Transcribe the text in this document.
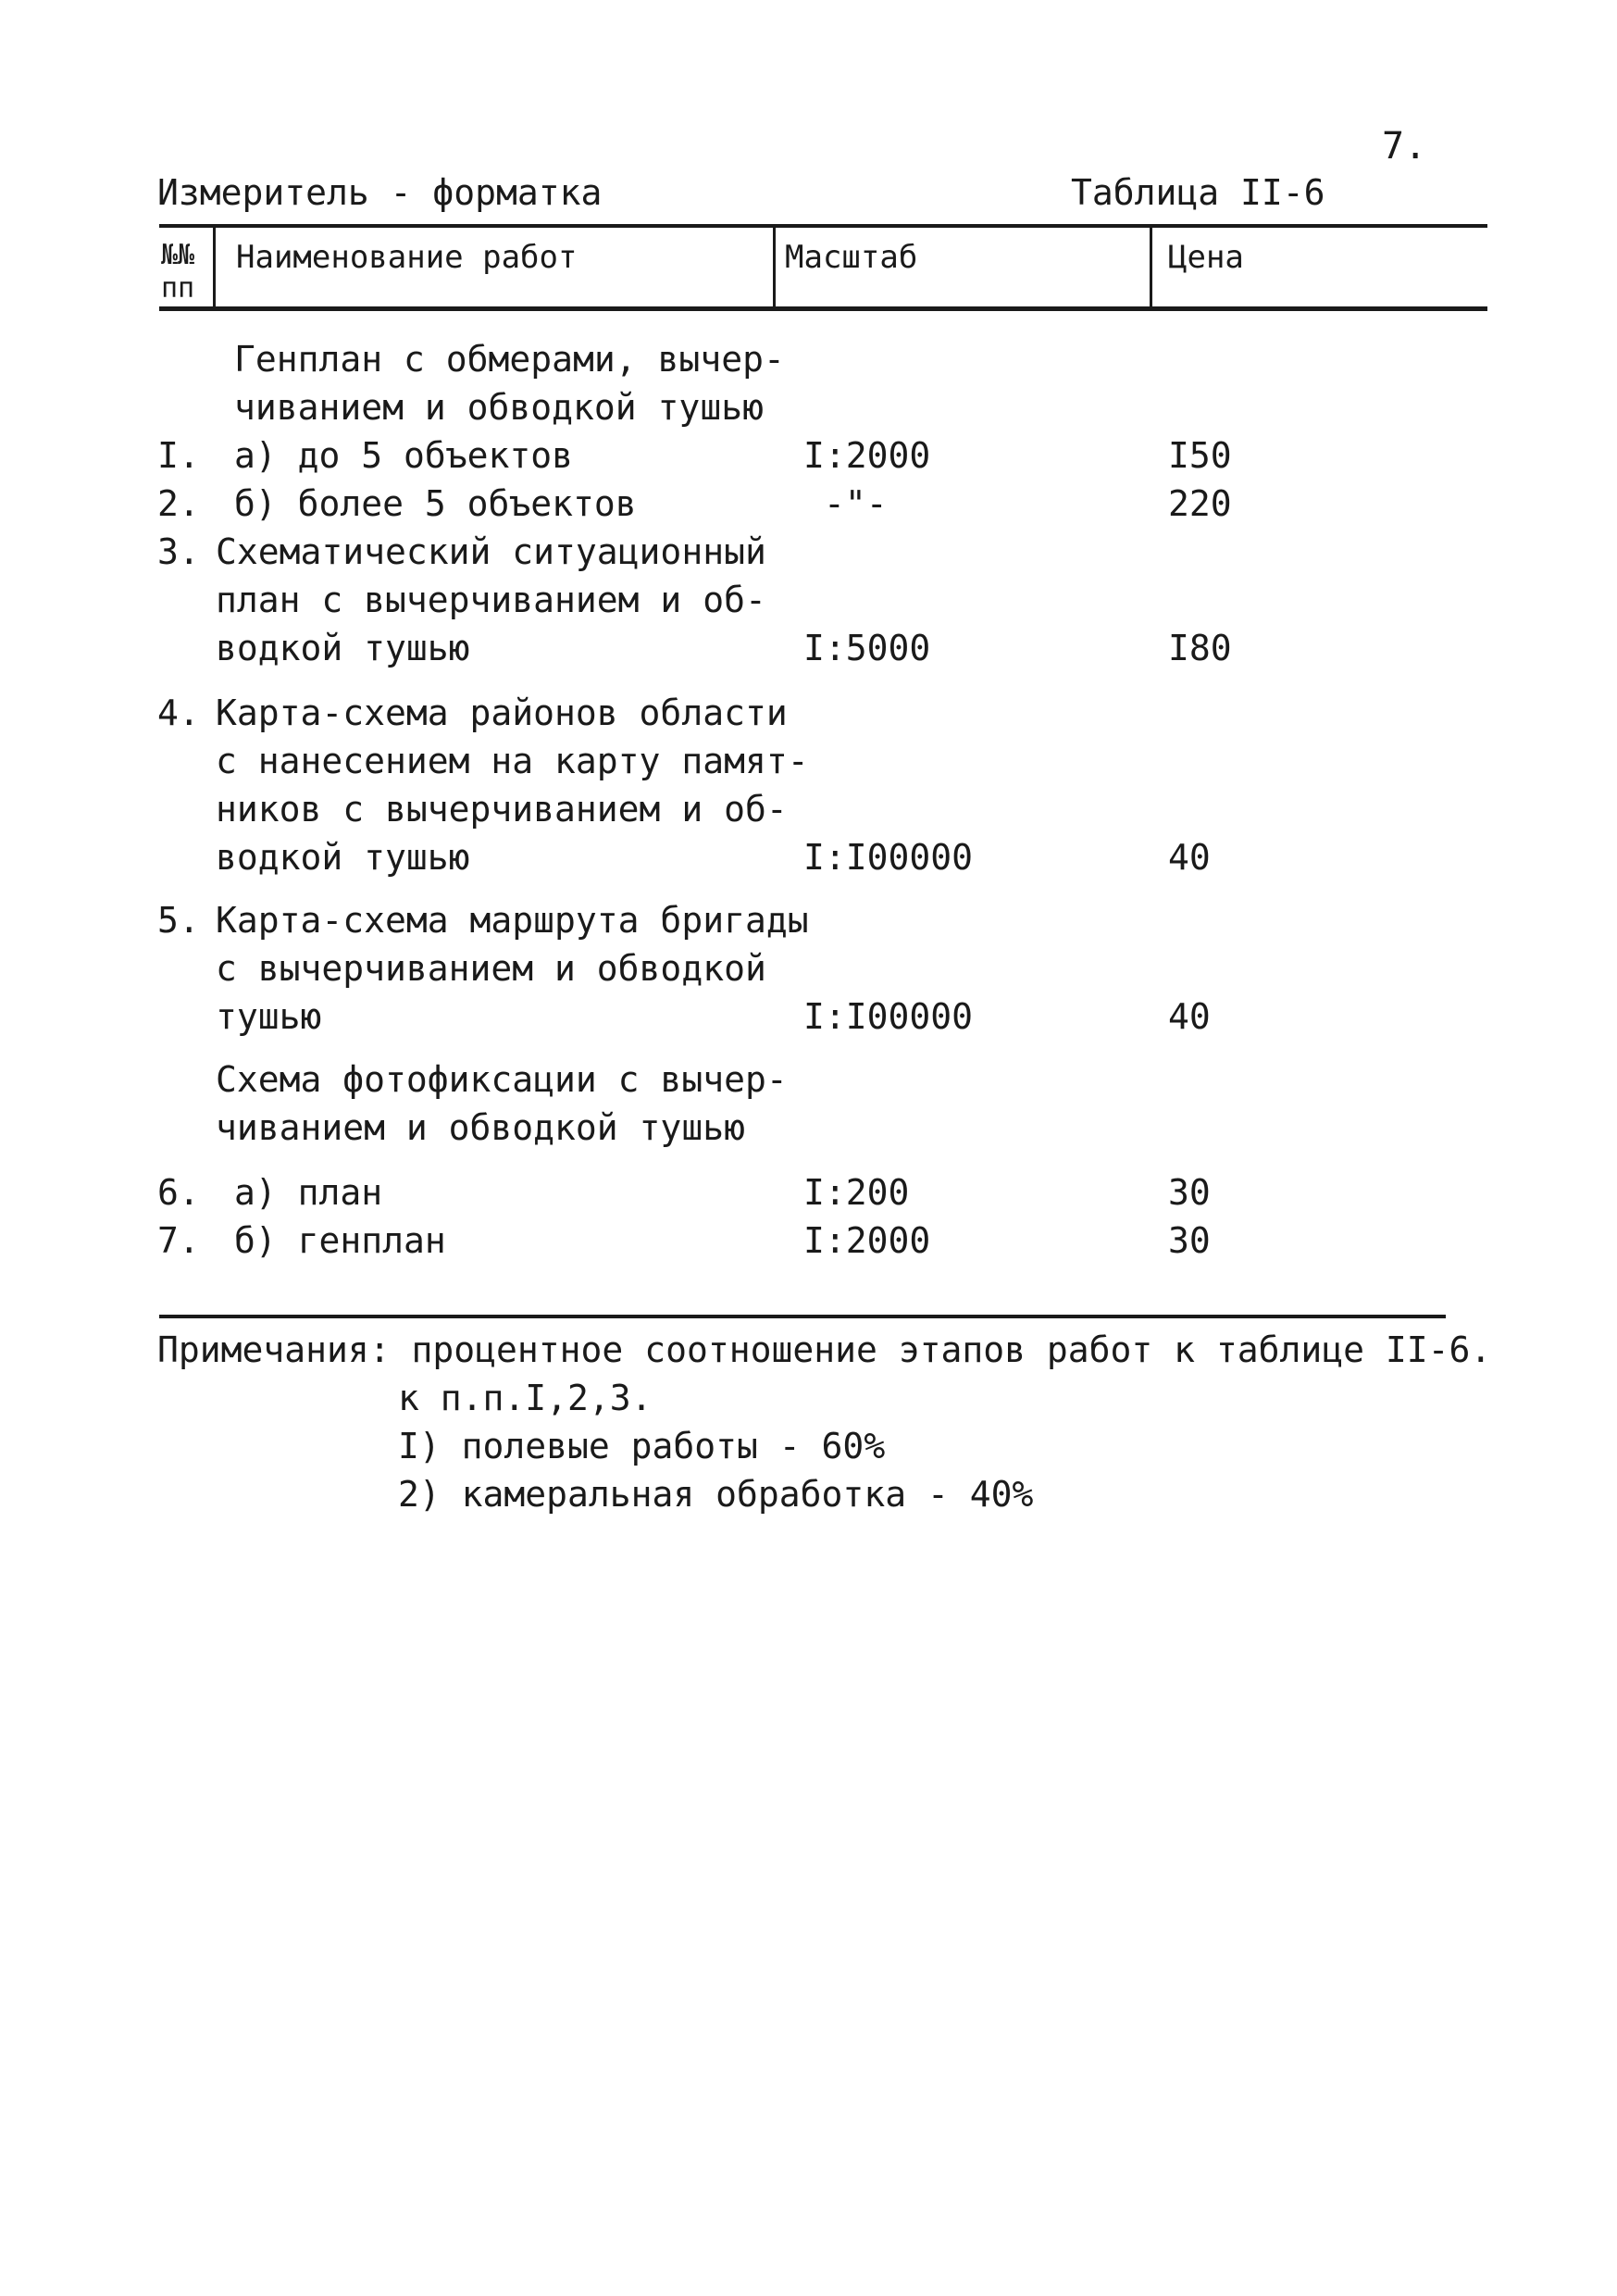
7.
Измеритель - форматка	Таблица II-6
№№
пп
Наименование работ	Масштаб	Цена
Генплан с обмерами, вычер-
чиванием и обводкой тушью
I. а) до 5 объектов	I:2000	I50
2. б) более 5 объектов	-"-	220
3. Схематический ситуационный
план с вычерчиванием и об-
водкой тушью	I:5000	I80
4. Карта-схема районов области
с нанесением на карту памят-
ников с вычерчиванием и об-
водкой тушью	I:I00000	40
5. Карта-схема маршрута бригады
с вычерчиванием и обводкой
тушью	I:I00000	40
Схема фотофиксации с вычер-
чиванием и обводкой тушью
6. а) план	I:200	30
7. б) генплан	I:2000	30
Примечания: процентное соотношение этапов работ к таблице II-6.
к п.п.I,2,3.
I) полевые работы - 60%
2) камеральная обработка - 40%
